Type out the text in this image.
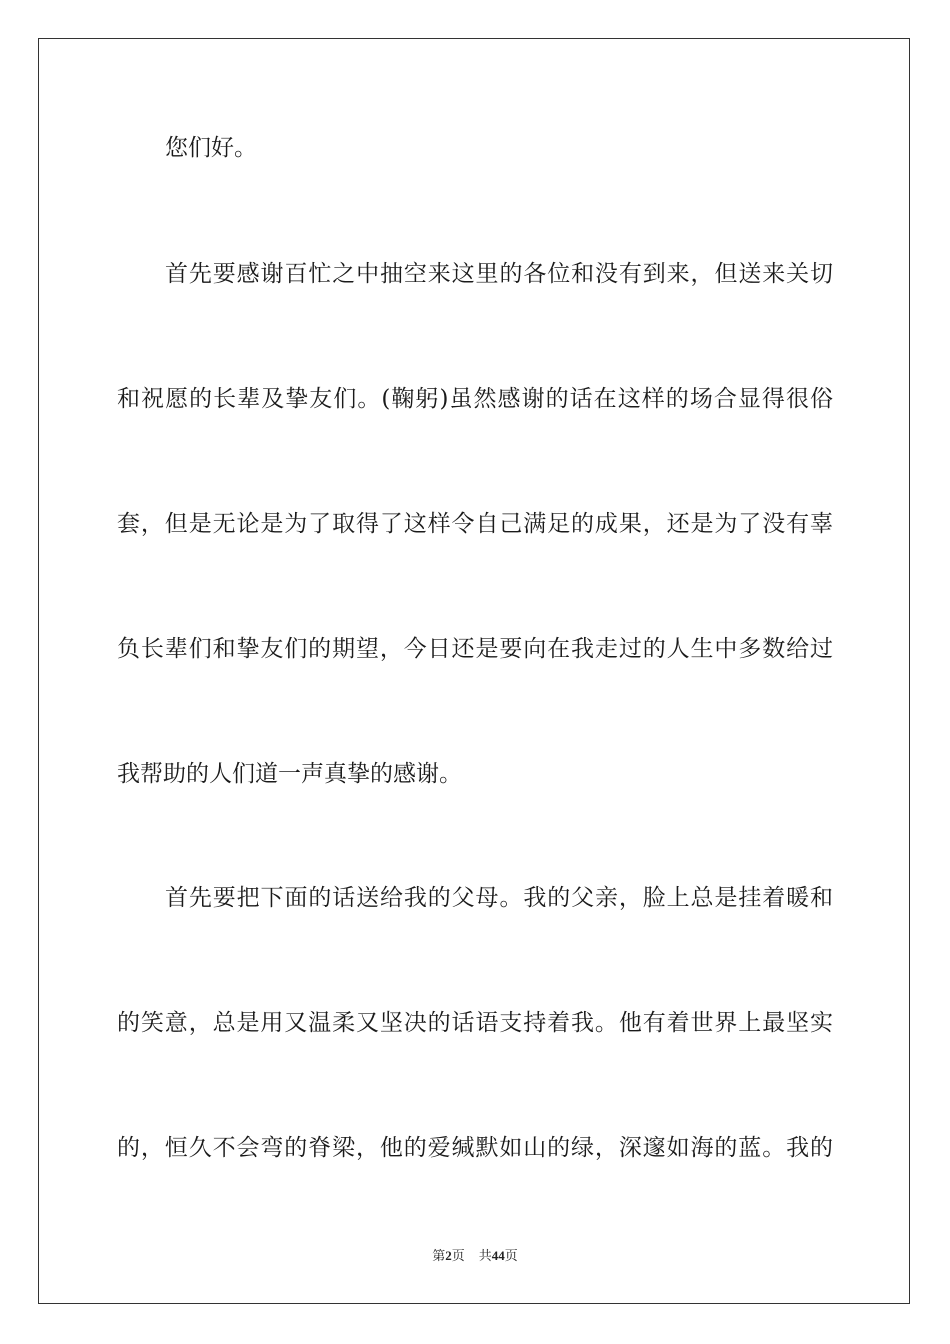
您们好。

首先要感谢百忙之中抽空来这里的各位和没有到来，但送来关切

和祝愿的长辈及挚友们。(鞠躬)虽然感谢的话在这样的场合显得很俗

套，但是无论是为了取得了这样令自己满足的成果，还是为了没有辜

负长辈们和挚友们的期望，今日还是要向在我走过的人生中多数给过

我帮助的人们道一声真挚的感谢。

首先要把下面的话送给我的父母。我的父亲，脸上总是挂着暖和

的笑意，总是用又温柔又坚决的话语支持着我。他有着世界上最坚实

的，恒久不会弯的脊梁，他的爱缄默如山的绿，深邃如海的蓝。我的

第2页 共44页
